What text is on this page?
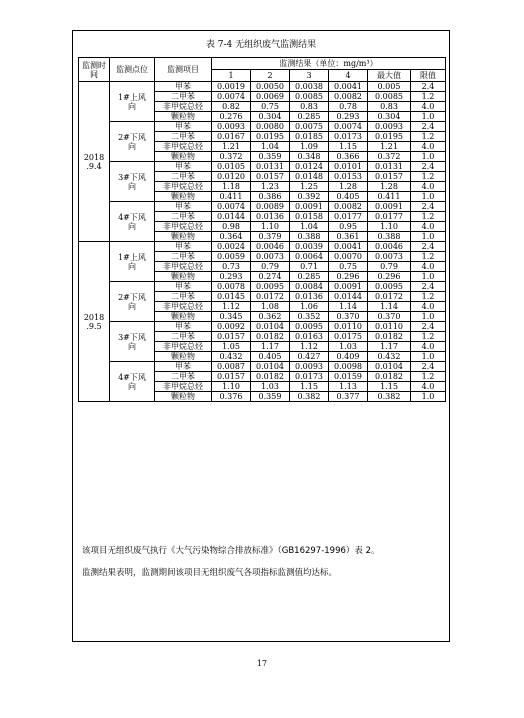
表 7-4 无组织废气监测结果
监测时间	监测点位	监测项目	监测结果（单位：mg/m³）					
			1	2	3	4	最大值	限值
2018
.9.4	1#上风向	甲苯	0.0019	0.0050	0.0038	0.0041	0.005	2.4
		二甲苯	0.0074	0.0069	0.0085	0.0082	0.0085	1.2
		非甲烷总烃	0.82	0.75	0.83	0.78	0.83	4.0
		颗粒物	0.276	0.304	0.285	0.293	0.304	1.0
	2#下风向	甲苯	0.0093	0.0080	0.0075	0.0074	0.0093	2.4
		二甲苯	0.0167	0.0195	0.0185	0.0173	0.0195	1.2
		非甲烷总烃	1.21	1.04	1.09	1.15	1.21	4.0
		颗粒物	0.372	0.359	0.348	0.366	0.372	1.0
	3#下风向	甲苯	0.0105	0.0131	0.0124	0.0101	0.0131	2.4
		二甲苯	0.0120	0.0157	0.0148	0.0153	0.0157	1.2
		非甲烷总烃	1.18	1.23	1.25	1.28	1.28	4.0
		颗粒物	0.411	0.386	0.392	0.405	0.411	1.0
	4#下风向	甲苯	0.0074	0.0089	0.0091	0.0082	0.0091	2.4
		二甲苯	0.0144	0.0136	0.0158	0.0177	0.0177	1.2
		非甲烷总烃	0.98	1.10	1.04	0.95	1.10	4.0
		颗粒物	0.364	0.379	0.388	0.361	0.388	1.0
2018
.9.5	1#上风向	甲苯	0.0024	0.0046	0.0039	0.0041	0.0046	2.4
		二甲苯	0.0059	0.0073	0.0064	0.0070	0.0073	1.2
		非甲烷总烃	0.73	0.79	0.71	0.75	0.79	4.0
		颗粒物	0.293	0.274	0.285	0.296	0.296	1.0
	2#下风向	甲苯	0.0078	0.0095	0.0084	0.0091	0.0095	2.4
		二甲苯	0.0145	0.0172	0.0136	0.0144	0.0172	1.2
		非甲烷总烃	1.12	1.08	1.06	1.14	1.14	4.0
		颗粒物	0.345	0.362	0.352	0.370	0.370	1.0
	3#下风向	甲苯	0.0092	0.0104	0.0095	0.0110	0.0110	2.4
		二甲苯	0.0157	0.0182	0.0163	0.0175	0.0182	1.2
		非甲烷总烃	1.05	1.17	1.12	1.03	1.17	4.0
		颗粒物	0.432	0.405	0.427	0.409	0.432	1.0
	4#下风向	甲苯	0.0087	0.0104	0.0093	0.0098	0.0104	2.4
		二甲苯	0.0157	0.0182	0.0173	0.0159	0.0182	1.2
		非甲烷总烃	1.10	1.03	1.15	1.13	1.15	4.0
		颗粒物	0.376	0.359	0.382	0.377	0.382	1.0
该项目无组织废气执行《大气污染物综合排放标准》（GB16297-1996）表 2。
监测结果表明，监测期间该项目无组织废气各项指标监测值均达标。
17
